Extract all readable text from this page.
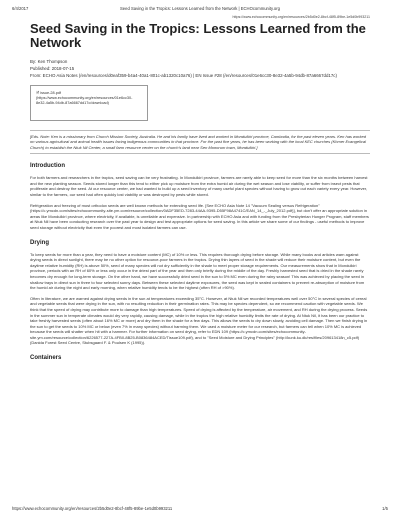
6/4/2017	Seed Saving in the Tropics: Lessons Learned from the Network | ECHOcommunity.org
https://www.echocommunity.org/en/resources/2b5d0e2-8bcf-48f5-89be-1e5d0b993211
Seed Saving in the Tropics: Lessons Learned from the Network
By: Ken Thompson
Published: 2018-07-15
From: ECHO Asia Notes (/en/resources/d0eaf359-b4a4-40a1-801c-ab1320c10a76) | EN Issue #28 (/en/resources/01e6cc30-8e32-4a5b-94db-87a6667dd17c)
🗎 issue-28.pdf
(https://www.echocommunity.org/en/resources/01e6cc30-8e32-4a5b-94db-87a6667dd17c/download)
[Eds. Note: Ken is a missionary from Church Mission Society, Australia. He and his family have lived and worked in Mondulkiri province, Cambodia, for the past eleven years. Ken has worked on various agricultural and animal health issues facing indigenous communities in that province. For the past five years, he has been working with the local KEC churches (Khmer Evangelical Church) to establish the Ntuk Nil Center, a small farm resource center on the church's land near Sen Monorum town, Mondulkiri.]
Introduction

For both farmers and researchers in the tropics, seed saving can be very frustrating. In Mondulkiri province, farmers are rarely able to keep seed for more than the six months between harvest and the new planting season. Seeds stored longer than this tend to either pick up moisture from the extra humid air during the wet season and lose viability, or suffer from insect pests that proliferate and destroy the seed. At our resource center, we had wanted to build up a seed inventory of many useful plant species without having to grow out each variety every year. However, similar to the farmers, our seed had often quickly lost viability or was destroyed by pests while stored.

Refrigeration and freezing of most orthodox seeds are well known methods for extending seed life. [See ECHO Asia Note 14 "Vacuum Sealing versus Refrigeration" (https://c.ymcdn.com/sites/echocommunity-site.ym.com/resource/collection/0ADF35ED-7283-44AA-9395-D55F98A4741C/EAN_14_-_July_2012.pdf)], but don't offer an appropriate solution in areas like Mondulkiri province, where electricity, if available, is unreliable and expensive. In partnership with ECHO Asia and with funding from the Presbyterian Hunger Program, staff members at Ntuk Nil have been conducting research over the past year to design and test appropriate options for seed saving. In this article we share some of our findings - useful methods to improve seed storage without electricity that even the poorest and most isolated farmers can use.

Drying

To keep seeds for more than a year, they need to have a moisture content (MC) of 10% or less. This requires thorough drying before storage. While many books and articles warn against drying seeds in direct sunlight, there may be no other option for resource-poor farmers in the tropics. Drying thin layers of seed in the shade will reduce their moisture content, but even the daytime relative humidity (RH) is above 50%, seed of many species will not dry sufficiently in the shade to meet proper storage requirements. Our measurements show that in Mondulkiri province, periods with an RH of 60% or less only occur in the driest part of the year and then only briefly during the middle of the day. Freshly harvested seed that is dried in the shade rarely becomes dry enough for long-term storage. On the other hand, we have successfully dried seed in the sun to 5% MC even during the rainy season! This was achieved by placing the seed in shallow trays in direct sun in three to four selected sunny days. Between these selected daytime exposures, the seed was kept in sealed containers to prevent re-absorption of moisture from the humid air during the night and early morning, when relative humidity tends to be the highest (often RH of >90%).

Often in literature, we are warned against drying seeds in the sun at temperatures exceeding 35°C. However, at Ntuk Nil we recorded temperatures well over 50°C in several species of cereal and vegetable seeds that were drying in the sun, with no resulting reduction in their germination rates. This may be species dependent, so we recommend caution with vegetable seeds. We think that the speed of drying may contribute more to damage than high temperatures. Speed of drying is affected by the temperature, air movement, and RH during the drying process. Seeds in the summer sun in temperate climates would dry very rapidly, causing damage, while in the tropics the high relative humidity limits the rate of drying. At Ntuk Nil, it has been our practice to take freshly harvested seeds (often about 16% MC or more) and dry them in the shade for a few days. This allows the seeds to dry down slowly, avoiding cell damage. Then we finish drying in the sun to get the seeds to 10% MC or below (even 7% in many species) without harming them. We used a moisture meter for our research, but farmers can tell when 10% MC is achieved because the seeds will shatter when hit with a hammer. For further information on seed drying, refer to EDN 109 (https://c.ymcdn.com/sites/echocommunity-site.ym.com/resource/collection/6226577-227A-4FB0-8B25-B0836484ACED/Tissue109.pdf), and to "Seed Moisture and Drying Principles" (http://kunk.ku.dk/res/files/209613418n_c5.pdf) (Danida Forest Seed Centre, Stubsgaard F. & Poulsen K (1995)).

Containers
https://www.echocommunity.org/en/resources/2b5d0e2-8bcf-48f5-89be-1e5d0b993211	1/5
